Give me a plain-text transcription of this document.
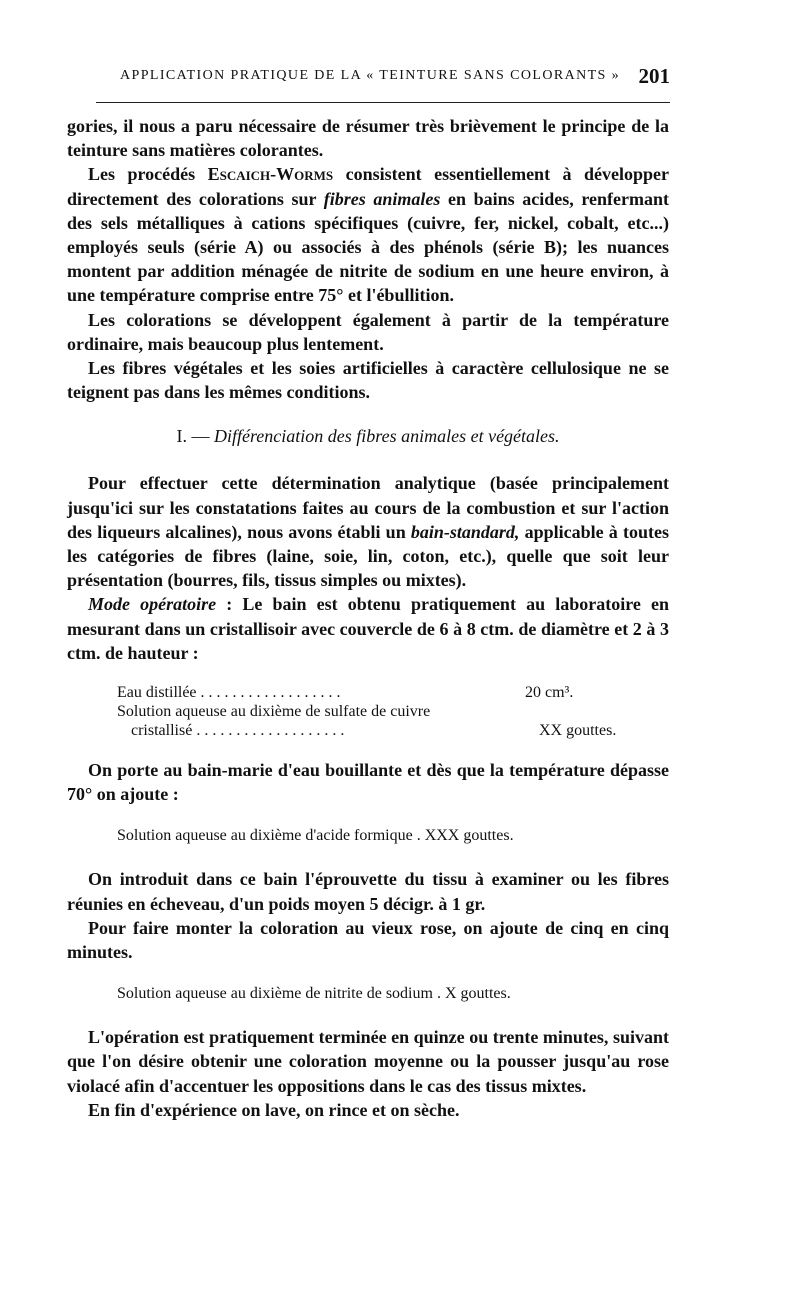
APPLICATION PRATIQUE DE LA « TEINTURE SANS COLORANTS » 201

gories, il nous a paru nécessaire de résumer très brièvement le principe de la teinture sans matières colorantes.

Les procédés Escaich-Worms consistent essentiellement à développer directement des colorations sur fibres animales en bains acides, renfermant des sels métalliques à cations spécifiques (cuivre, fer, nickel, cobalt, etc...) employés seuls (série A) ou associés à des phénols (série B); les nuances montent par addition ménagée de nitrite de sodium en une heure environ, à une température comprise entre 75° et l'ébullition.

Les colorations se développent également à partir de la température ordinaire, mais beaucoup plus lentement.

Les fibres végétales et les soies artificielles à caractère cellulosique ne se teignent pas dans les mêmes conditions.

I. — Différenciation des fibres animales et végétales.

Pour effectuer cette détermination analytique (basée principalement jusqu'ici sur les constatations faites au cours de la combustion et sur l'action des liqueurs alcalines), nous avons établi un bain-standard, applicable à toutes les catégories de fibres (laine, soie, lin, coton, etc.), quelle que soit leur présentation (bourres, fils, tissus simples ou mixtes).

Mode opératoire : Le bain est obtenu pratiquement au laboratoire en mesurant dans un cristallisoir avec couvercle de 6 à 8 ctm. de diamètre et 2 à 3 ctm. de hauteur :

Eau distillée . . . . . . . . . . . . . . . . . .	20 cm³.
Solution aqueuse au dixième de sulfate de cuivre
cristallisé . . . . . . . . . . . . . . . . . . .	XX gouttes.

On porte au bain-marie d'eau bouillante et dès que la température dépasse 70° on ajoute :

Solution aqueuse au dixième d'acide formique . XXX gouttes.

On introduit dans ce bain l'éprouvette du tissu à examiner ou les fibres réunies en écheveau, d'un poids moyen 5 décigr. à 1 gr.

Pour faire monter la coloration au vieux rose, on ajoute de cinq en cinq minutes.

Solution aqueuse au dixième de nitrite de sodium . X gouttes.

L'opération est pratiquement terminée en quinze ou trente minutes, suivant que l'on désire obtenir une coloration moyenne ou la pousser jusqu'au rose violacé afin d'accentuer les oppositions dans le cas des tissus mixtes.

En fin d'expérience on lave, on rince et on sèche.
